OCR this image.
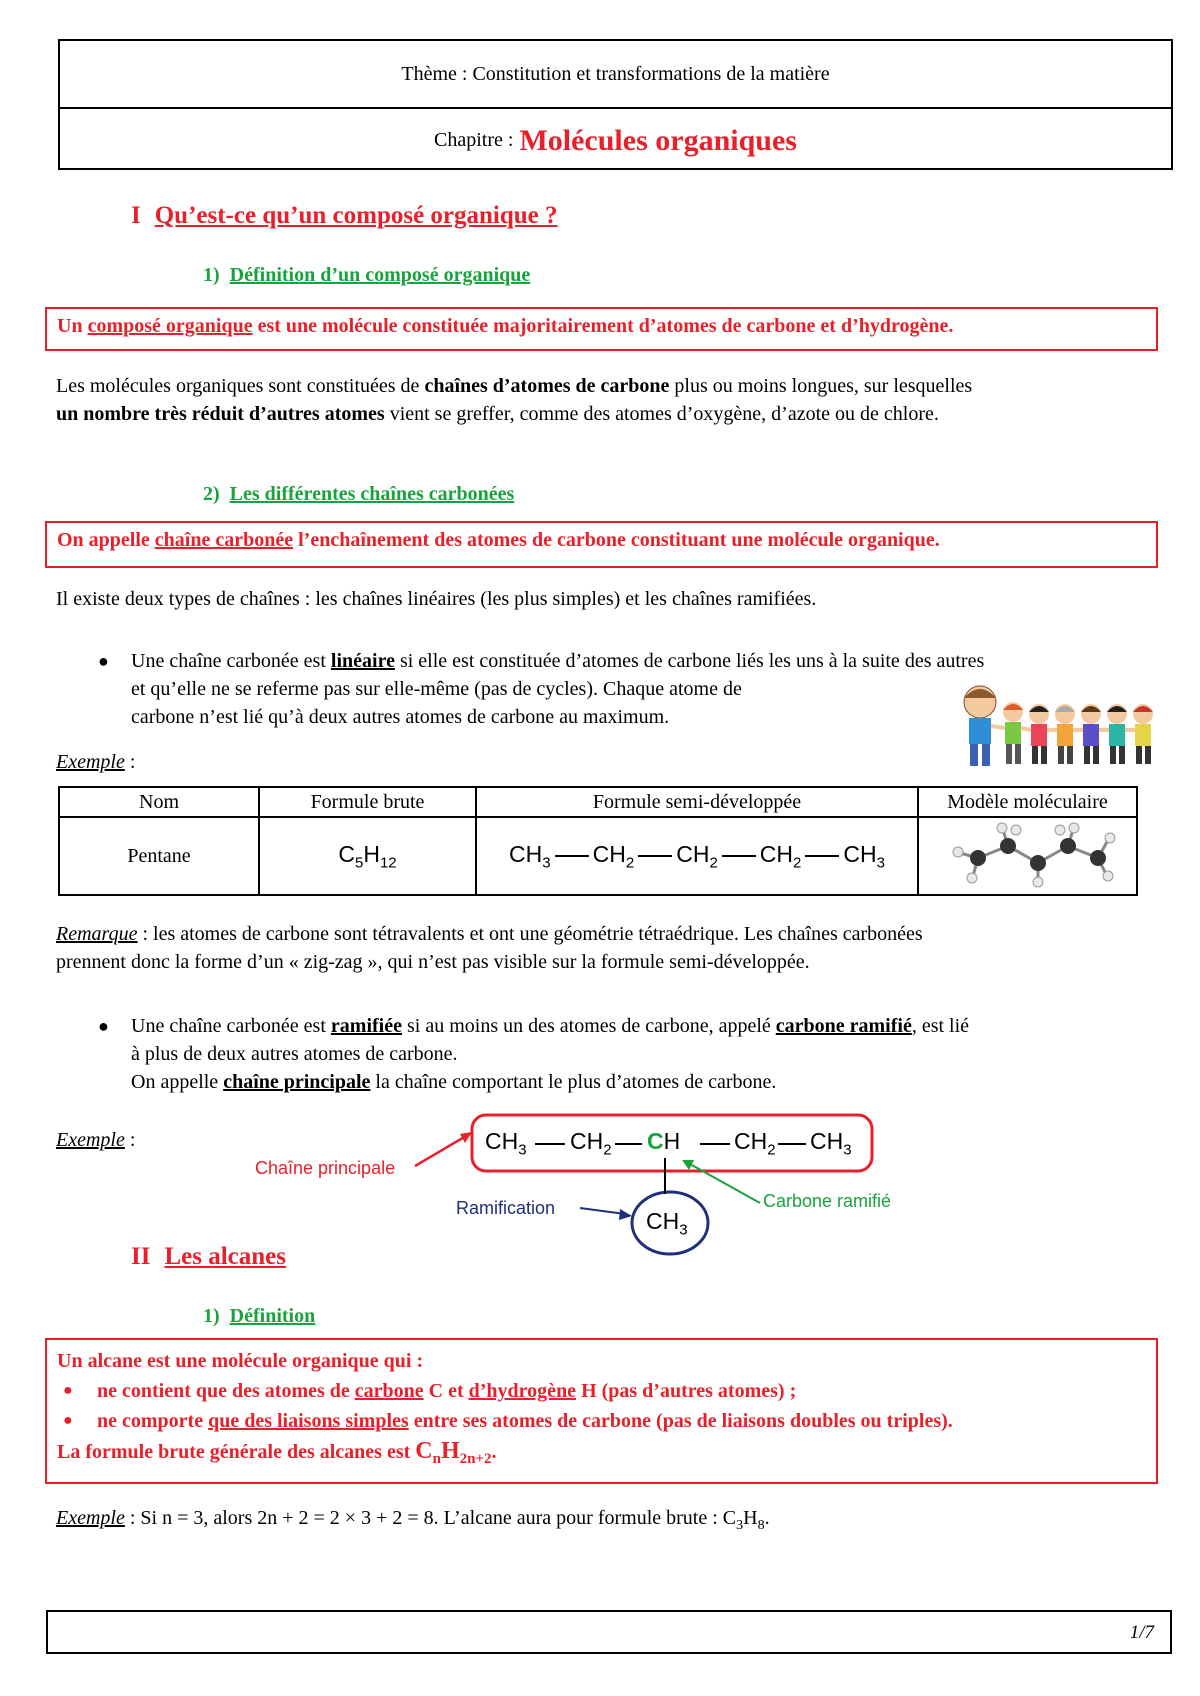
Thème : Constitution et transformations de la matière
Chapitre : Molécules organiques
I Qu’est-ce qu’un composé organique ?
1) Définition d’un composé organique
Un composé organique est une molécule constituée majoritairement d’atomes de carbone et d’hydrogène.
Les molécules organiques sont constituées de chaînes d’atomes de carbone plus ou moins longues, sur lesquelles
un nombre très réduit d’autres atomes vient se greffer, comme des atomes d’oxygène, d’azote ou de chlore.
2) Les différentes chaînes carbonées
On appelle chaîne carbonée l’enchaînement des atomes de carbone constituant une molécule organique.
Il existe deux types de chaînes : les chaînes linéaires (les plus simples) et les chaînes ramifiées.
● Une chaîne carbonée est linéaire si elle est constituée d’atomes de carbone liés les uns à la suite des autres
et qu’elle ne se referme pas sur elle-même (pas de cycles). Chaque atome de
carbone n’est lié qu’à deux autres atomes de carbone au maximum.
Exemple :
Nom	Formule brute	Formule semi-développée	Modèle moléculaire
Pentane	$C_5H_{12}$	$CH_3$ $CH_2$ $CH_2$ $CH_2$ $CH_3$

Remarque : les atomes de carbone sont tétravalents et ont une géométrie tétraédrique. Les chaînes carbonées
prennent donc la forme d’un « zig-zag », qui n’est pas visible sur la formule semi-développée.
● Une chaîne carbonée est ramifiée si au moins un des atomes de carbone, appelé carbone ramifié, est lié
à plus de deux autres atomes de carbone.
On appelle chaîne principale la chaîne comportant le plus d’atomes de carbone.
Exemple :	$CH_3$ $CH_2$ CH $CH_2$ $CH_3$
$CH_3$
Chaîne principale
Ramification	Carbone ramifié
II Les alcanes
1) Définition
Un alcane est une molécule organique qui :
● ne contient que des atomes de carbone C et d’hydrogène H (pas d’autres atomes) ;
● ne comporte que des liaisons simples entre ses atomes de carbone (pas de liaisons doubles ou triples).
La formule brute générale des alcanes est $C_nH_{2n+2}$.
Exemple : Si n = 3, alors 2n + 2 = 2 × 3 + 2 = 8. L’alcane aura pour formule brute : $C_3H_8$.
1/7
